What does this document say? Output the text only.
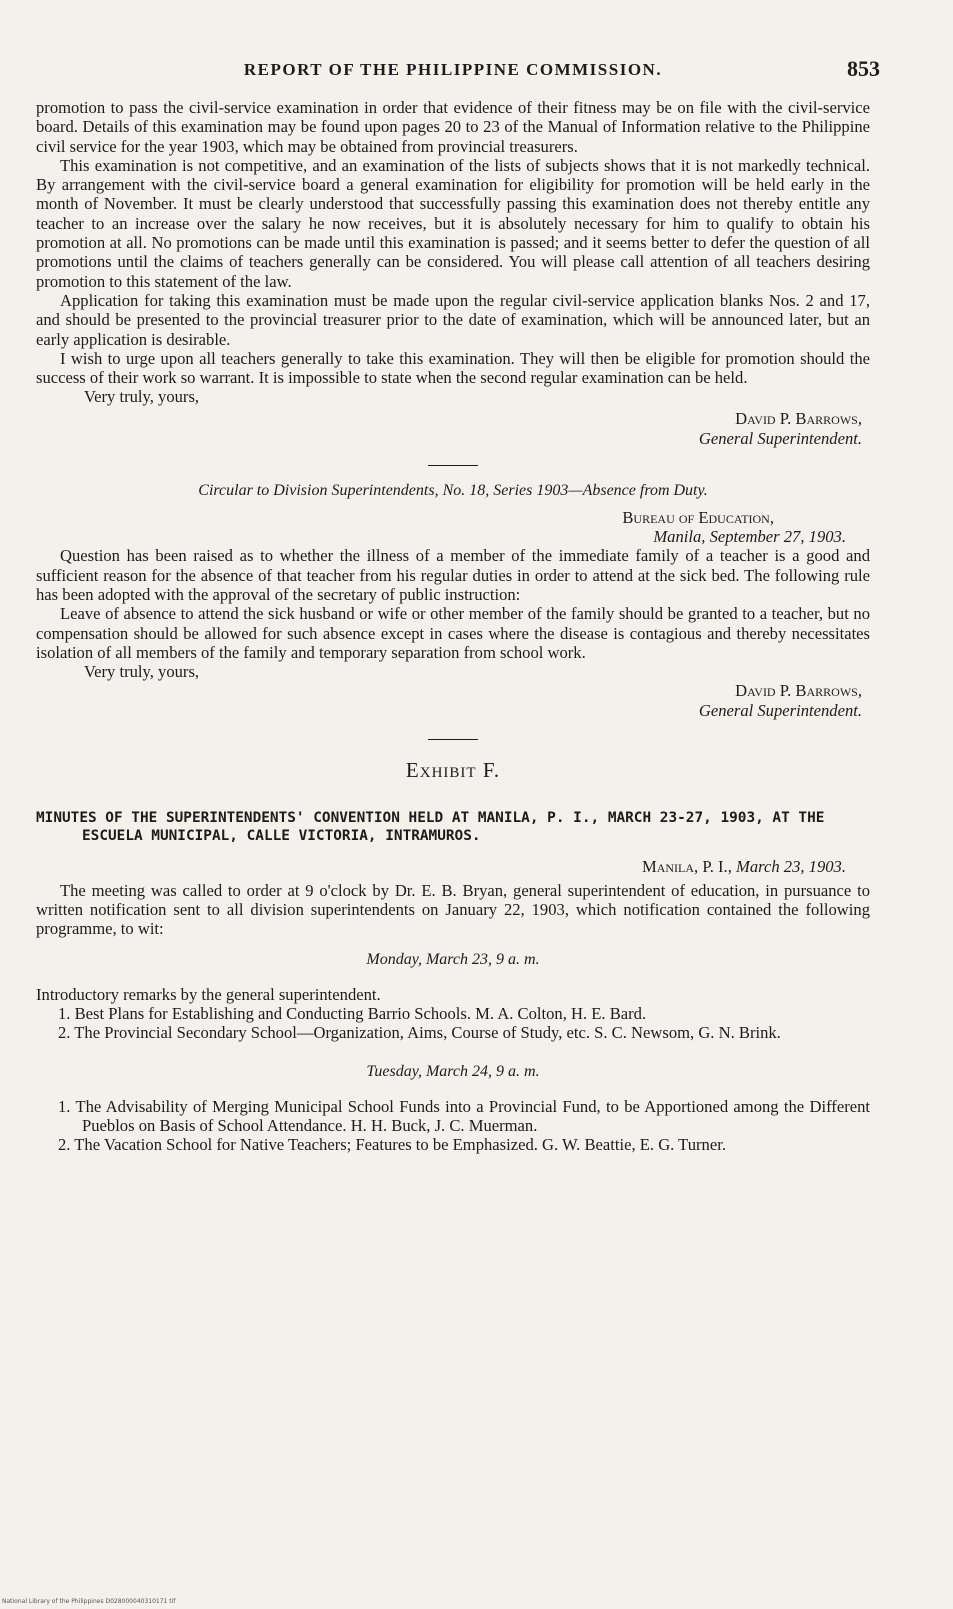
REPORT OF THE PHILIPPINE COMMISSION.	853

promotion to pass the civil-service examination in order that evidence of their fitness may be on file with the civil-service board. Details of this examination may be found upon pages 20 to 23 of the Manual of Information relative to the Philippine civil service for the year 1903, which may be obtained from provincial treasurers.

This examination is not competitive, and an examination of the lists of subjects shows that it is not markedly technical. By arrangement with the civil-service board a general examination for eligibility for promotion will be held early in the month of November. It must be clearly understood that successfully passing this examination does not thereby entitle any teacher to an increase over the salary he now receives, but it is absolutely necessary for him to qualify to obtain his promotion at all. No promotions can be made until this examination is passed; and it seems better to defer the question of all promotions until the claims of teachers generally can be considered. You will please call attention of all teachers desiring promotion to this statement of the law.

Application for taking this examination must be made upon the regular civil-service application blanks Nos. 2 and 17, and should be presented to the provincial treasurer prior to the date of examination, which will be announced later, but an early application is desirable.

I wish to urge upon all teachers generally to take this examination. They will then be eligible for promotion should the success of their work so warrant. It is impossible to state when the second regular examination can be held.

Very truly, yours,
David P. Barrows,
General Superintendent.
Circular to Division Superintendents, No. 18, Series 1903—Absence from Duty.
Bureau of Education,
Manila, September 27, 1903.

Question has been raised as to whether the illness of a member of the immediate family of a teacher is a good and sufficient reason for the absence of that teacher from his regular duties in order to attend at the sick bed. The following rule has been adopted with the approval of the secretary of public instruction:

Leave of absence to attend the sick husband or wife or other member of the family should be granted to a teacher, but no compensation should be allowed for such absence except in cases where the disease is contagious and thereby necessitates isolation of all members of the family and temporary separation from school work.

Very truly, yours,
David P. Barrows,
General Superintendent.
Exhibit F.
MINUTES OF THE SUPERINTENDENTS' CONVENTION HELD AT MANILA, P. I., MARCH 23-27, 1903, AT THE ESCUELA MUNICIPAL, CALLE VICTORIA, INTRAMUROS.
Manila, P. I., March 23, 1903.

The meeting was called to order at 9 o'clock by Dr. E. B. Bryan, general superintendent of education, in pursuance to written notification sent to all division superintendents on January 22, 1903, which notification contained the following programme, to wit:

Monday, March 23, 9 a. m.

Introductory remarks by the general superintendent.

1. Best Plans for Establishing and Conducting Barrio Schools. M. A. Colton, H. E. Bard.

2. The Provincial Secondary School—Organization, Aims, Course of Study, etc. S. C. Newsom, G. N. Brink.

Tuesday, March 24, 9 a. m.

1. The Advisability of Merging Municipal School Funds into a Provincial Fund, to be Apportioned among the Different Pueblos on Basis of School Attendance. H. H. Buck, J. C. Muerman.

2. The Vacation School for Native Teachers; Features to be Emphasized. G. W. Beattie, E. G. Turner.

National Library of the Philippines D028000040310171 tif
